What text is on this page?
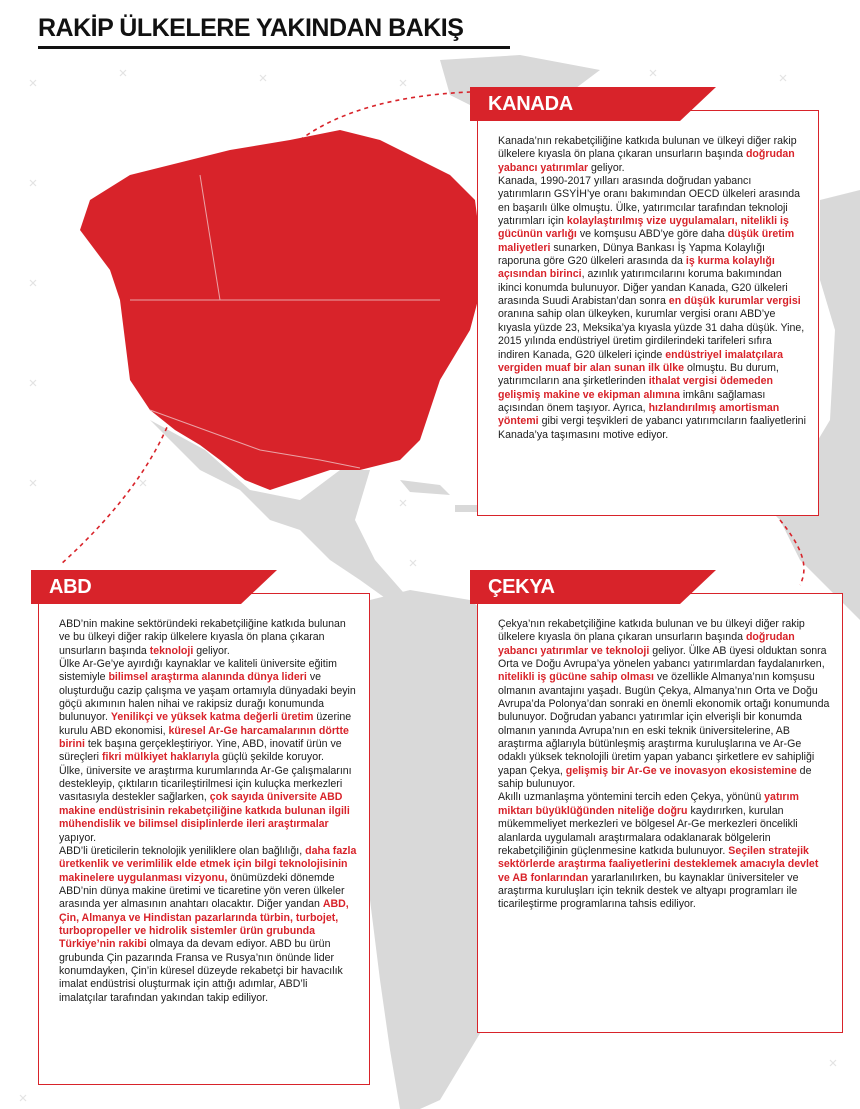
RAKİP ÜLKELERE YAKINDAN BAKIŞ
KANADA

Kanada’nın rekabetçiliğine katkıda bulunan ve ülkeyi diğer rakip ülkelere kıyasla ön plana çıkaran unsurların başında doğrudan yabancı yatırımlar geliyor.

Kanada, 1990-2017 yılları arasında doğrudan yabancı yatırımların GSYİH’ye oranı bakımından OECD ülkeleri arasında en başarılı ülke olmuştu. Ülke, yatırımcılar tarafından teknoloji yatırımları için kolaylaştırılmış vize uygulamaları, nitelikli iş gücünün varlığı ve komşusu ABD’ye göre daha düşük üretim maliyetleri sunarken, Dünya Bankası İş Yapma Kolaylığı raporuna göre G20 ülkeleri arasında da iş kurma kolaylığı açısından birinci, azınlık yatırımcılarını koruma bakımından ikinci konumda bulunuyor. Diğer yandan Kanada, G20 ülkeleri arasında Suudi Arabistan’dan sonra en düşük kurumlar vergisi oranına sahip olan ülkeyken, kurumlar vergisi oranı ABD’ye kıyasla yüzde 23, Meksika’ya kıyasla yüzde 31 daha düşük. Yine, 2015 yılında endüstriyel üretim girdilerindeki tarifeleri sıfıra indiren Kanada, G20 ülkeleri içinde endüstriyel imalatçılara vergiden muaf bir alan sunan ilk ülke olmuştu. Bu durum, yatırımcıların ana şirketlerinden ithalat vergisi ödemeden gelişmiş makine ve ekipman alımına imkânı sağlaması açısından önem taşıyor. Ayrıca, hızlandırılmış amortisman yöntemi gibi vergi teşvikleri de yabancı yatırımcıların faaliyetlerini Kanada’ya taşımasını motive ediyor.

ABD

ABD’nin makine sektöründeki rekabetçiliğine katkıda bulunan ve bu ülkeyi diğer rakip ülkelere kıyasla ön plana çıkaran unsurların başında teknoloji geliyor.

Ülke Ar-Ge’ye ayırdığı kaynaklar ve kaliteli üniversite eğitim sistemiyle bilimsel araştırma alanında dünya lideri ve oluşturduğu cazip çalışma ve yaşam ortamıyla dünyadaki beyin göçü akımının halen nihai ve rakipsiz durağı konumunda bulunuyor. Yenilikçi ve yüksek katma değerli üretim üzerine kurulu ABD ekonomisi, küresel Ar-Ge harcamalarının dörtte birini tek başına gerçekleştiriyor. Yine, ABD, inovatif ürün ve süreçleri fikri mülkiyet haklarıyla güçlü şekilde koruyor.

Ülke, üniversite ve araştırma kurumlarında Ar-Ge çalışmalarını destekleyip, çıktıların ticarileştirilmesi için kuluçka merkezleri vasıtasıyla destekler sağlarken, çok sayıda üniversite ABD makine endüstrisinin rekabetçiliğine katkıda bulunan ilgili mühendislik ve bilimsel disiplinlerde ileri araştırmalar yapıyor.

ABD’li üreticilerin teknolojik yeniliklere olan bağlılığı, daha fazla üretkenlik ve verimlilik elde etmek için bilgi teknolojisinin makinelere uygulanması vizyonu, önümüzdeki dönemde ABD’nin dünya makine üretimi ve ticaretine yön veren ülkeler arasında yer almasının anahtarı olacaktır. Diğer yandan ABD, Çin, Almanya ve Hindistan pazarlarında türbin, turbojet, turbopropeller ve hidrolik sistemler ürün grubunda Türkiye’nin rakibi olmaya da devam ediyor. ABD bu ürün grubunda Çin pazarında Fransa ve Rusya’nın önünde lider konumdayken, Çin’in küresel düzeyde rekabetçi bir havacılık imalat endüstrisi oluşturmak için attığı adımlar, ABD’li imalatçılar tarafından yakından takip ediliyor.

ÇEKYA

Çekya’nın rekabetçiliğine katkıda bulunan ve bu ülkeyi diğer rakip ülkelere kıyasla ön plana çıkaran unsurların başında doğrudan yabancı yatırımlar ve teknoloji geliyor. Ülke AB üyesi olduktan sonra Orta ve Doğu Avrupa’ya yönelen yabancı yatırımlardan faydalanırken, nitelikli iş gücüne sahip olması ve özellikle Almanya’nın komşusu olmanın avantajını yaşadı. Bugün Çekya, Almanya’nın Orta ve Doğu Avrupa’da Polonya’dan sonraki en önemli ekonomik ortağı konumunda bulunuyor. Doğrudan yabancı yatırımlar için elverişli bir konumda olmanın yanında Avrupa’nın en eski teknik üniversitelerine, AB araştırma ağlarıyla bütünleşmiş araştırma kuruluşlarına ve Ar-Ge odaklı yüksek teknolojili üretim yapan yabancı şirketlere ev sahipliği yapan Çekya, gelişmiş bir Ar-Ge ve inovasyon ekosistemine de sahip bulunuyor.

Akıllı uzmanlaşma yöntemini tercih eden Çekya, yönünü yatırım miktarı büyüklüğünden niteliğe doğru kaydırırken, kurulan mükemmeliyet merkezleri ve bölgesel Ar-Ge merkezleri öncelikli alanlarda uygulamalı araştırmalara odaklanarak bölgelerin rekabetçiliğinin güçlenmesine katkıda bulunuyor. Seçilen stratejik sektörlerde araştırma faaliyetlerini desteklemek amacıyla devlet ve AB fonlarından yararlanılırken, bu kaynaklar üniversiteler ve araştırma kuruluşları için teknik destek ve altyapı programları ile ticarileştirme programlarına tahsis ediliyor.
